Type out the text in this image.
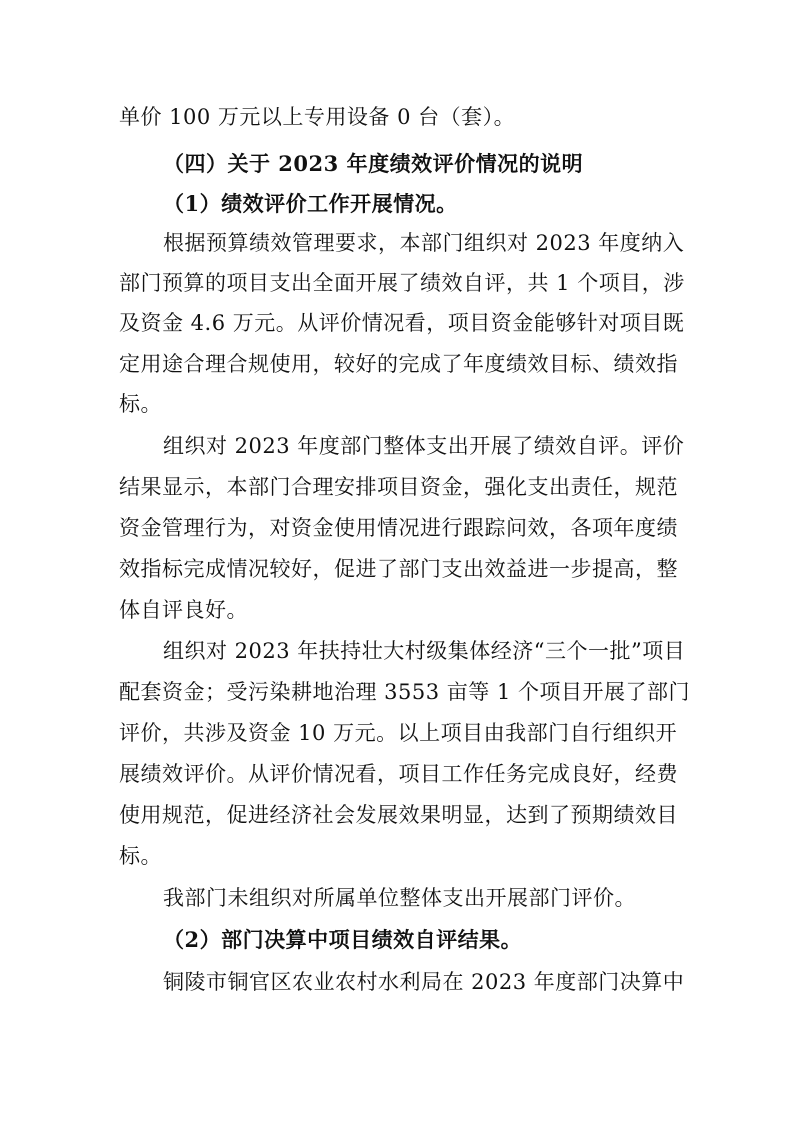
单价 100 万元以上专用设备 0 台（套）。
（四）关于 2023 年度绩效评价情况的说明
（1）绩效评价工作开展情况。
根据预算绩效管理要求，本部门组织对 2023 年度纳入
部门预算的项目支出全面开展了绩效自评，共 1 个项目，涉
及资金 4.6 万元。从评价情况看，项目资金能够针对项目既
定用途合理合规使用，较好的完成了年度绩效目标、绩效指
标。
组织对 2023 年度部门整体支出开展了绩效自评。评价
结果显示，本部门合理安排项目资金，强化支出责任，规范
资金管理行为，对资金使用情况进行跟踪问效，各项年度绩
效指标完成情况较好，促进了部门支出效益进一步提高，整
体自评良好。
组织对 2023 年扶持壮大村级集体经济“三个一批”项目
配套资金；受污染耕地治理 3553 亩等 1 个项目开展了部门
评价，共涉及资金 10 万元。以上项目由我部门自行组织开
展绩效评价。从评价情况看，项目工作任务完成良好，经费
使用规范，促进经济社会发展效果明显，达到了预期绩效目
标。
我部门未组织对所属单位整体支出开展部门评价。
（2）部门决算中项目绩效自评结果。
铜陵市铜官区农业农村水利局在 2023 年度部门决算中
